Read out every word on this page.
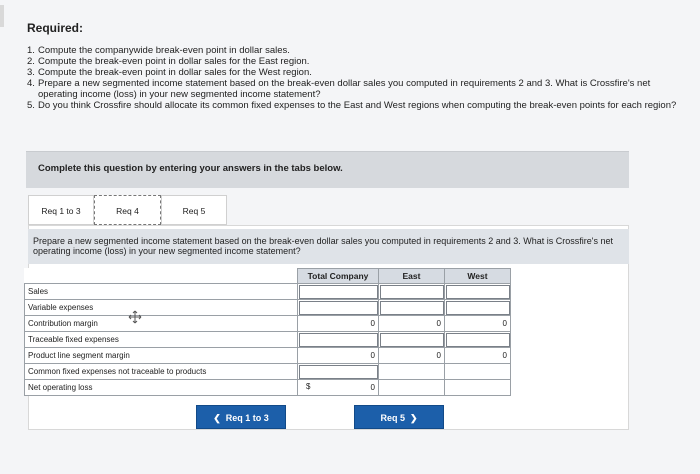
Required:
1. Compute the companywide break-even point in dollar sales.
2. Compute the break-even point in dollar sales for the East region.
3. Compute the break-even point in dollar sales for the West region.
4. Prepare a new segmented income statement based on the break-even dollar sales you computed in requirements 2 and 3. What is Crossfire's net operating income (loss) in your new segmented income statement?
5. Do you think Crossfire should allocate its common fixed expenses to the East and West regions when computing the break-even points for each region?
Complete this question by entering your answers in the tabs below.
Req 1 to 3	Req 4	Req 5
Prepare a new segmented income statement based on the break-even dollar sales you computed in requirements 2 and 3. What is Crossfire's net operating income (loss) in your new segmented income statement?
	Total Company	East	West
Sales			
Variable expenses			
Contribution margin	0	0	0
Traceable fixed expenses			
Product line segment margin	0	0	0
Common fixed expenses not traceable to products			
Net operating loss	$ 0		
❮ Req 1 to 3	Req 5 ❯
